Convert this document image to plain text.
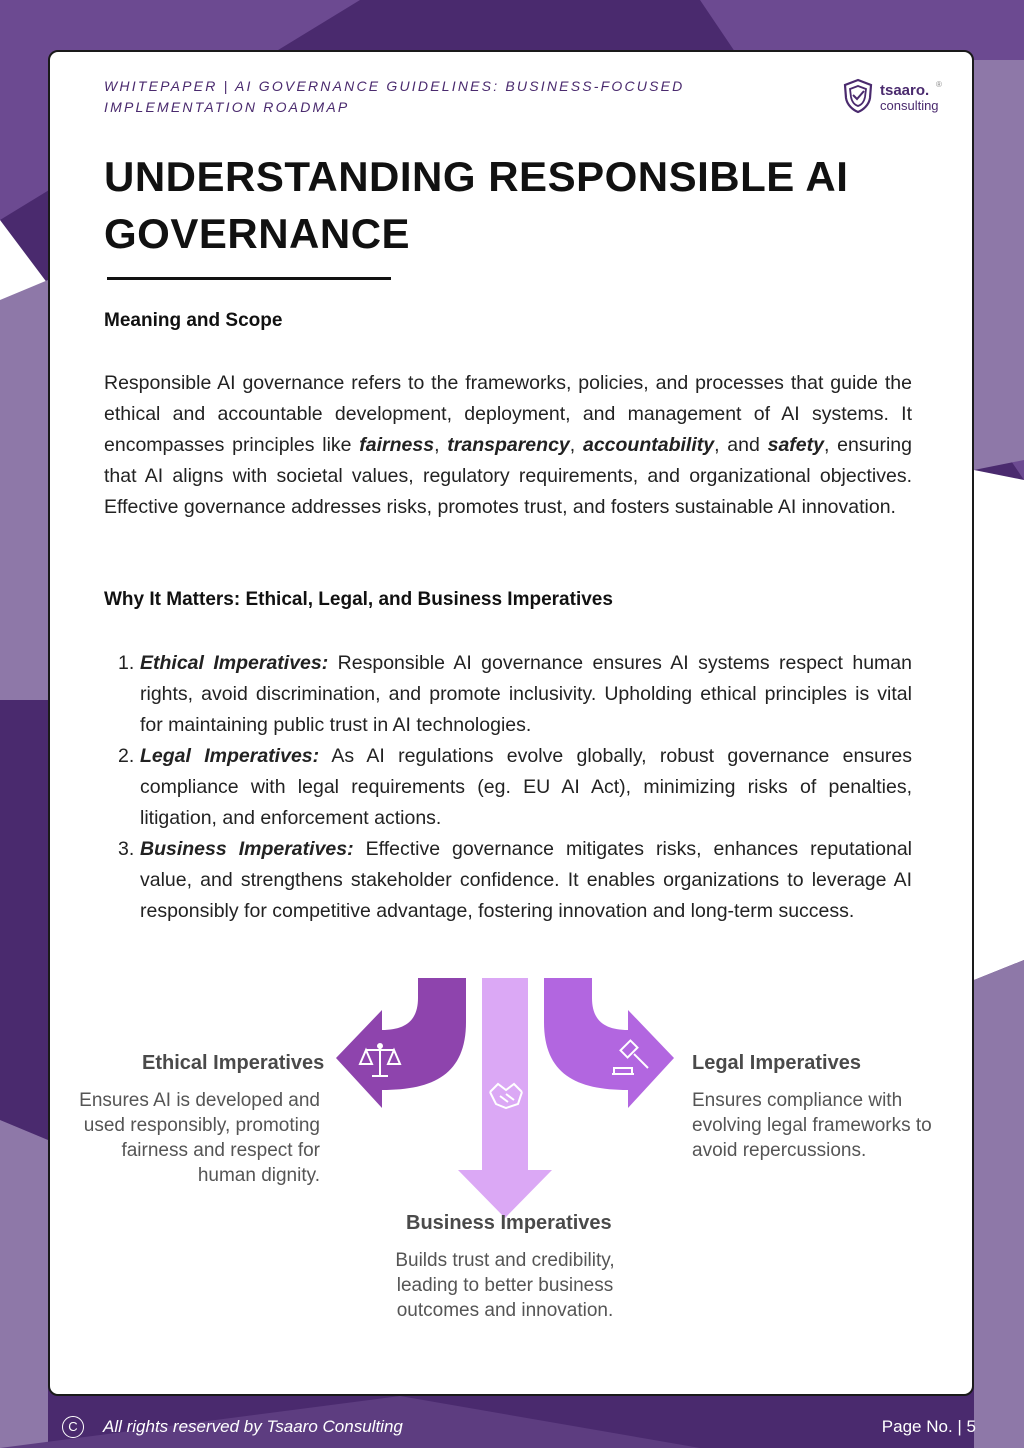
WHITEPAPER | AI GOVERNANCE GUIDELINES: BUSINESS-FOCUSED IMPLEMENTATION ROADMAP
tsaaro. ®
consulting
UNDERSTANDING RESPONSIBLE AI GOVERNANCE
Meaning and Scope
Responsible AI governance refers to the frameworks, policies, and processes that guide the ethical and accountable development, deployment, and management of AI systems. It encompasses principles like fairness, transparency, accountability, and safety, ensuring that AI aligns with societal values, regulatory requirements, and organizational objectives. Effective governance addresses risks, promotes trust, and fosters sustainable AI innovation.
Why It Matters: Ethical, Legal, and Business Imperatives
1. Ethical Imperatives: Responsible AI governance ensures AI systems respect human rights, avoid discrimination, and promote inclusivity. Upholding ethical principles is vital for maintaining public trust in AI technologies.
2. Legal Imperatives: As AI regulations evolve globally, robust governance ensures compliance with legal requirements (eg. EU AI Act), minimizing risks of penalties, litigation, and enforcement actions.
3. Business Imperatives: Effective governance mitigates risks, enhances reputational value, and strengthens stakeholder confidence. It enables organizations to leverage AI responsibly for competitive advantage, fostering innovation and long-term success.
Ethical Imperatives
Ensures AI is developed and
used responsibly, promoting
fairness and respect for
human dignity.
Legal Imperatives
Ensures compliance with
evolving legal frameworks to
avoid repercussions.
Business Imperatives
Builds trust and credibility,
leading to better business
outcomes and innovation.
C	All rights reserved by Tsaaro Consulting	Page No. | 5
